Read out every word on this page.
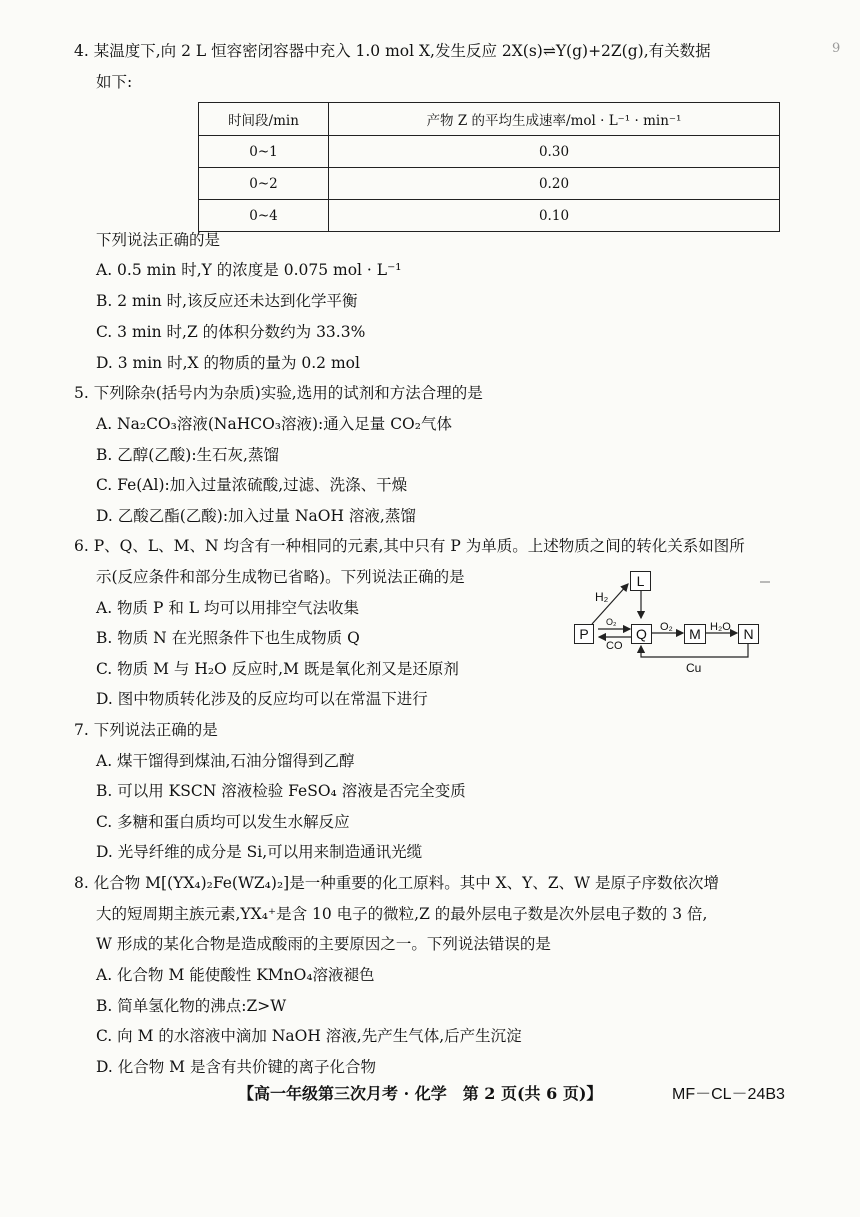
4. 某温度下,向 2 L 恒容密闭容器中充入 1.0 mol X,发生反应 2X(s)⇌Y(g)+2Z(g),有关数据
如下:
9
时间段/min	产物 Z 的平均生成速率/mol · L⁻¹ · min⁻¹
0~1	0.30
0~2	0.20
0~4	0.10
下列说法正确的是
A. 0.5 min 时,Y 的浓度是 0.075 mol · L⁻¹
B. 2 min 时,该反应还未达到化学平衡
C. 3 min 时,Z 的体积分数约为 33.3%
D. 3 min 时,X 的物质的量为 0.2 mol
5. 下列除杂(括号内为杂质)实验,选用的试剂和方法合理的是
A. Na₂CO₃溶液(NaHCO₃溶液):通入足量 CO₂气体
B. 乙醇(乙酸):生石灰,蒸馏
C. Fe(Al):加入过量浓硫酸,过滤、洗涤、干燥
D. 乙酸乙酯(乙酸):加入过量 NaOH 溶液,蒸馏
6. P、Q、L、M、N 均含有一种相同的元素,其中只有 P 为单质。上述物质之间的转化关系如图所
示(反应条件和部分生成物已省略)。下列说法正确的是
A. 物质 P 和 L 均可以用排空气法收集
B. 物质 N 在光照条件下也生成物质 Q
C. 物质 M 与 H₂O 反应时,M 既是氧化剂又是还原剂
D. 图中物质转化涉及的反应均可以在常温下进行
P	Q
L
M	N
H₂
O₂
CO
O₂	H₂O
Cu
7. 下列说法正确的是
A. 煤干馏得到煤油,石油分馏得到乙醇
B. 可以用 KSCN 溶液检验 FeSO₄ 溶液是否完全变质
C. 多糖和蛋白质均可以发生水解反应
D. 光导纤维的成分是 Si,可以用来制造通讯光缆
8. 化合物 M[(YX₄)₂Fe(WZ₄)₂]是一种重要的化工原料。其中 X、Y、Z、W 是原子序数依次增
大的短周期主族元素,YX₄⁺是含 10 电子的微粒,Z 的最外层电子数是次外层电子数的 3 倍,
W 形成的某化合物是造成酸雨的主要原因之一。下列说法错误的是
A. 化合物 M 能使酸性 KMnO₄溶液褪色
B. 简单氢化物的沸点:Z>W
C. 向 M 的水溶液中滴加 NaOH 溶液,先产生气体,后产生沉淀
D. 化合物 M 是含有共价键的离子化合物
【高一年级第三次月考 · 化学　第 2 页(共 6 页)】	MF－CL－24B3
